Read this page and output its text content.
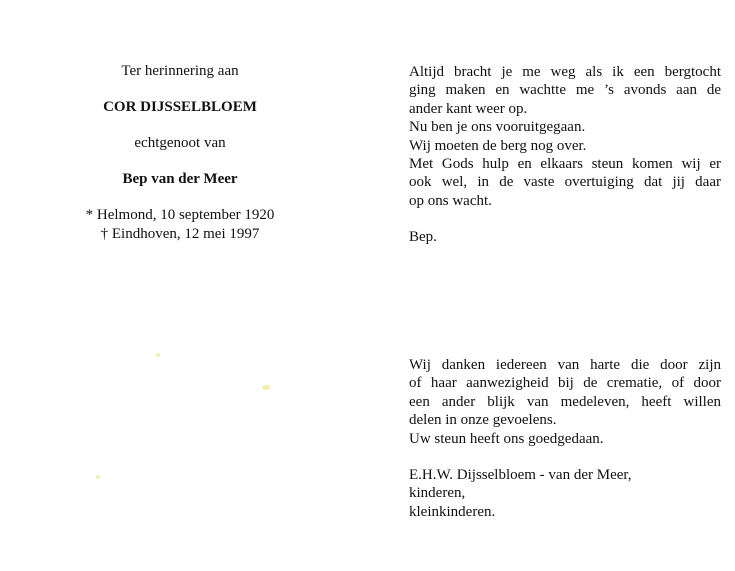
Ter herinnering aan

COR DIJSSELBLOEM

echtgenoot van

Bep van der Meer

* Helmond, 10 september 1920

† Eindhoven, 12 mei 1997

Altijd bracht je me weg als ik een bergtocht

ging maken en wachtte me ’s avonds aan de

ander kant weer op.

Nu ben je ons vooruitgegaan.

Wij moeten de berg nog over.

Met Gods hulp en elkaars steun komen wij er

ook wel, in de vaste overtuiging dat jij daar

op ons wacht.

Bep.

Wij danken iedereen van harte die door zijn

of haar aanwezigheid bij de crematie, of door

een ander blijk van medeleven, heeft willen

delen in onze gevoelens.

Uw steun heeft ons goedgedaan.

E.H.W. Dijsselbloem - van der Meer,

kinderen,

kleinkinderen.
